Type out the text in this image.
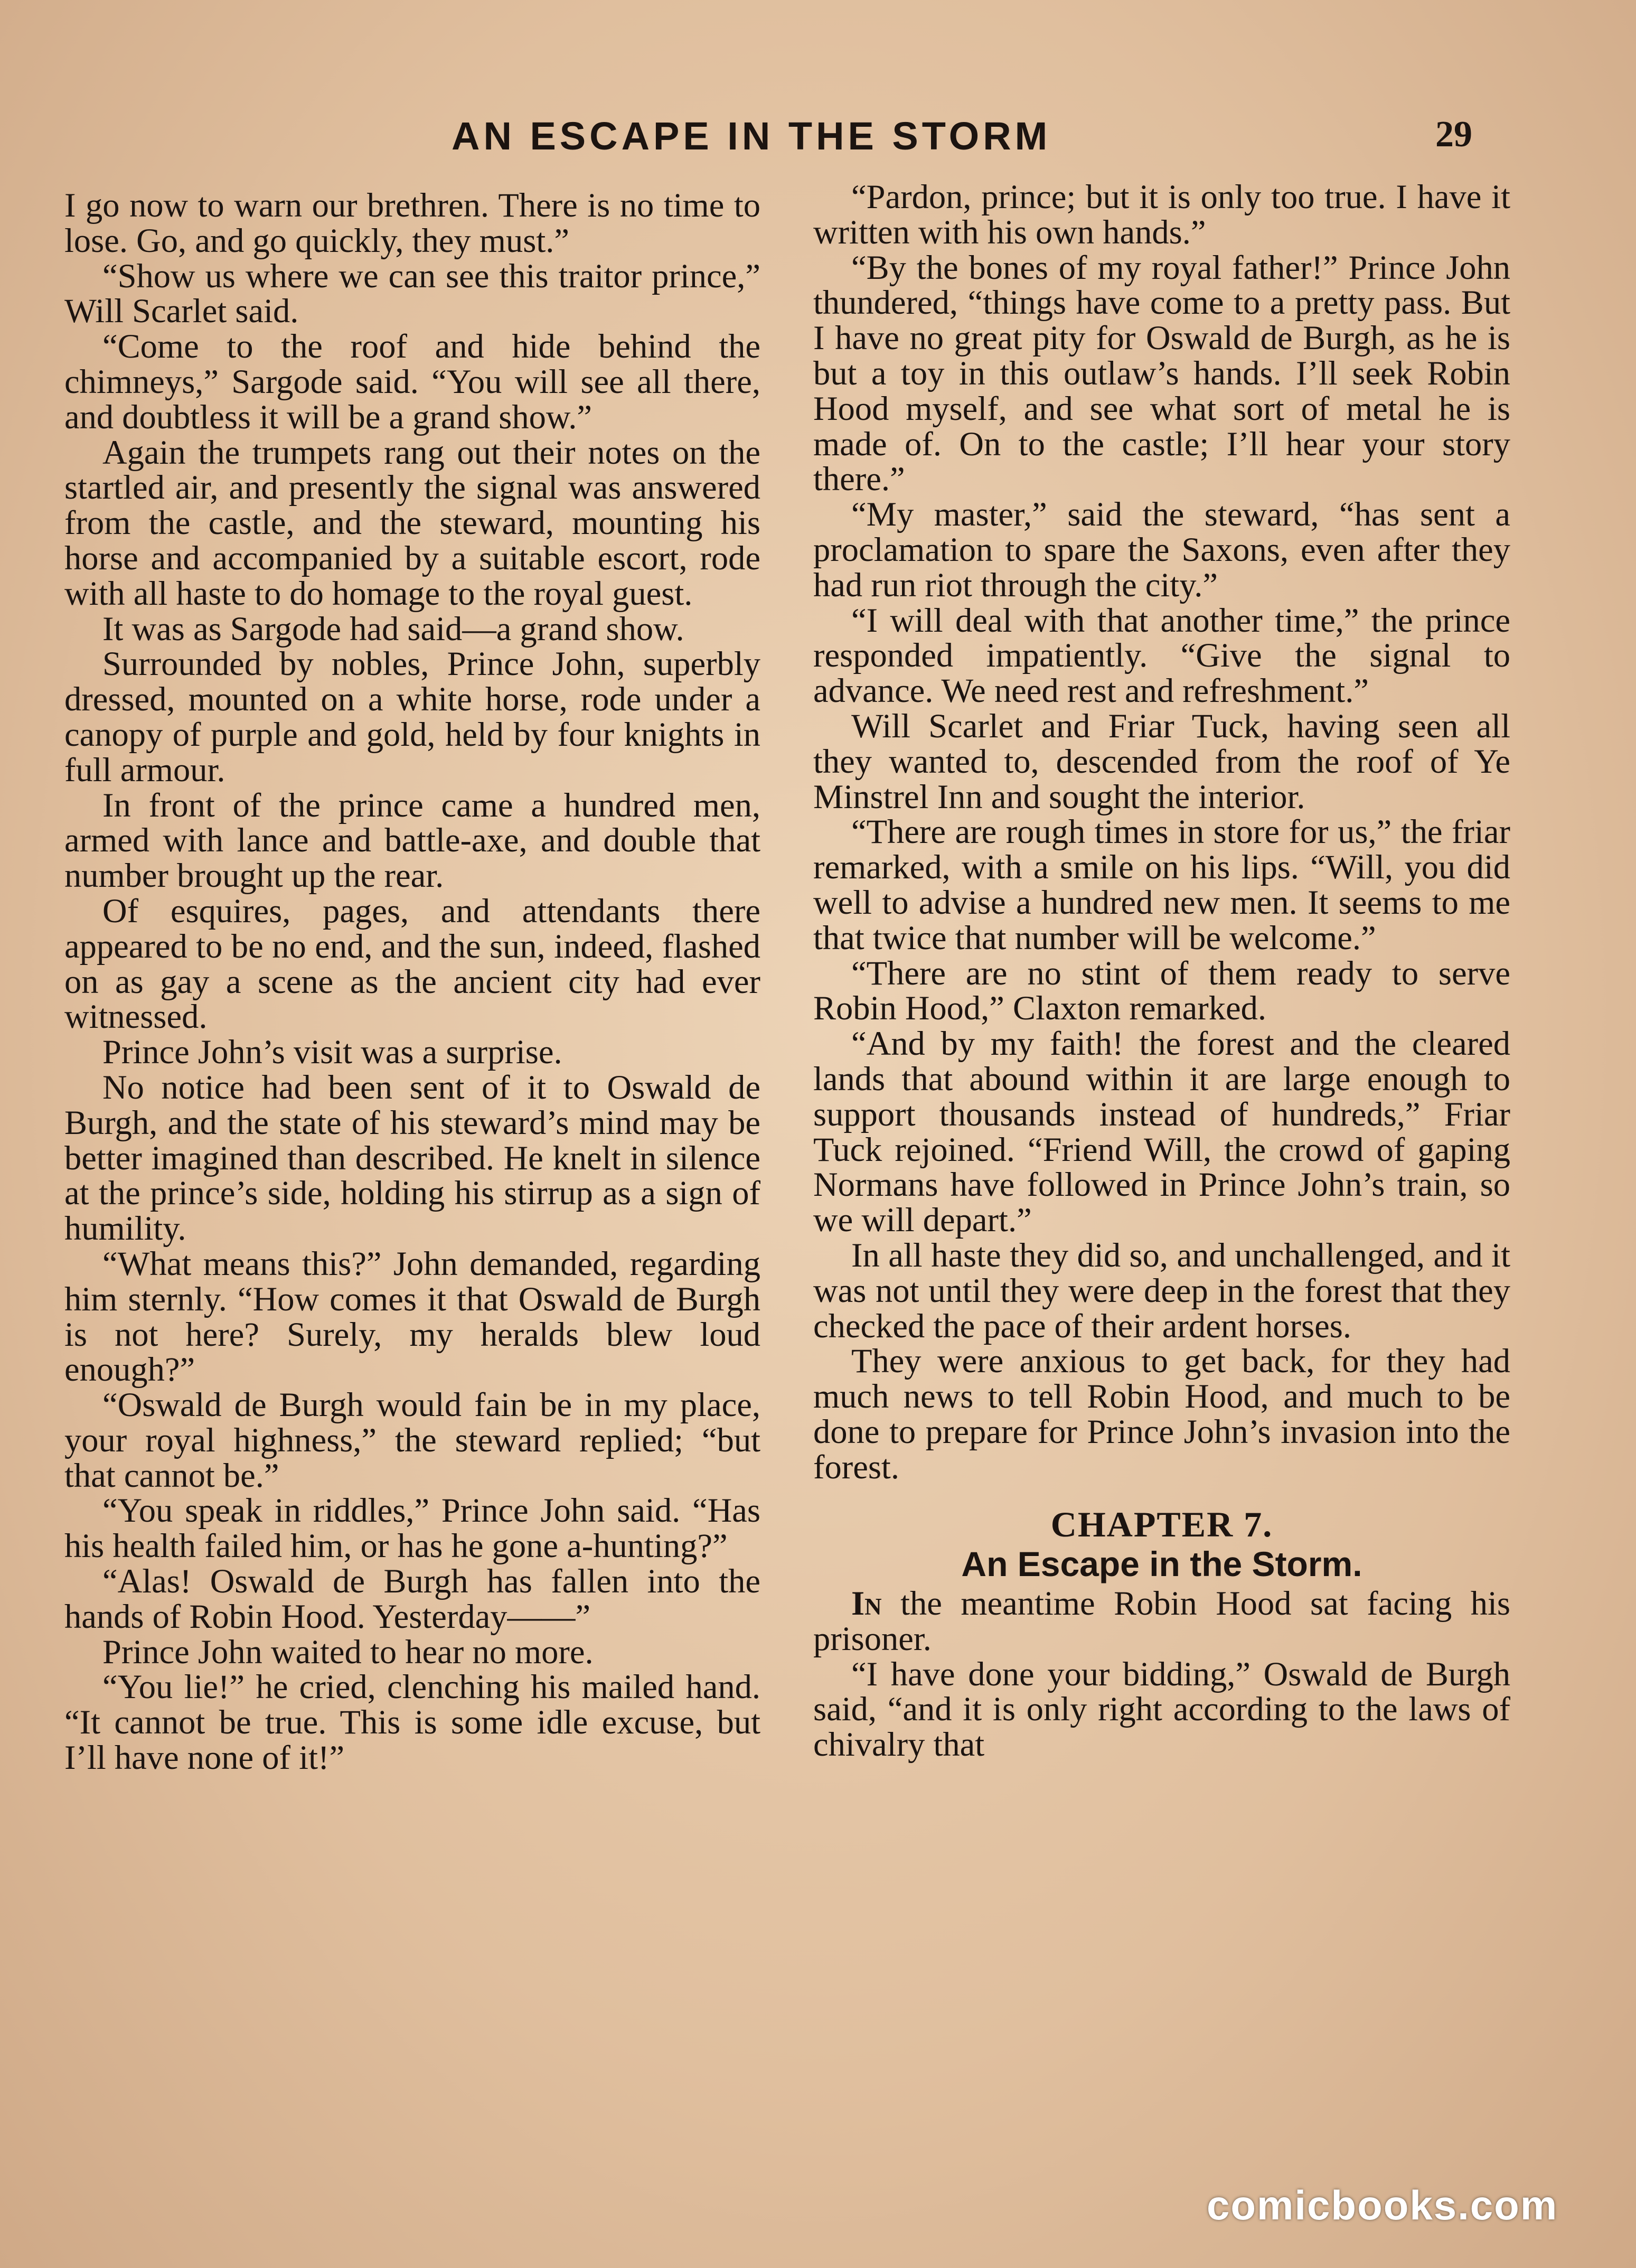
AN ESCAPE IN THE STORM	29

I go now to warn our brethren. There is no time to lose. Go, and go quickly, they must.”

“Show us where we can see this traitor prince,” Will Scarlet said.

“Come to the roof and hide behind the chimneys,” Sargode said. “You will see all there, and doubtless it will be a grand show.”

Again the trumpets rang out their notes on the startled air, and presently the signal was answered from the castle, and the steward, mounting his horse and accompanied by a suitable escort, rode with all haste to do homage to the royal guest.

It was as Sargode had said—a grand show.

Surrounded by nobles, Prince John, superbly dressed, mounted on a white horse, rode under a canopy of purple and gold, held by four knights in full armour.

In front of the prince came a hundred men, armed with lance and battle-axe, and double that number brought up the rear.

Of esquires, pages, and attendants there appeared to be no end, and the sun, indeed, flashed on as gay a scene as the ancient city had ever witnessed.

Prince John’s visit was a surprise.

No notice had been sent of it to Oswald de Burgh, and the state of his steward’s mind may be better imagined than described. He knelt in silence at the prince’s side, holding his stirrup as a sign of humility.

“What means this?” John demanded, regarding him sternly. “How comes it that Oswald de Burgh is not here? Surely, my heralds blew loud enough?”

“Oswald de Burgh would fain be in my place, your royal highness,” the steward replied; “but that cannot be.”

“You speak in riddles,” Prince John said. “Has his health failed him, or has he gone a-hunting?”

“Alas! Oswald de Burgh has fallen into the hands of Robin Hood. Yesterday——”

Prince John waited to hear no more.

“You lie!” he cried, clenching his mailed hand. “It cannot be true. This is some idle excuse, but I’ll have none of it!”

“Pardon, prince; but it is only too true. I have it written with his own hands.”

“By the bones of my royal father!” Prince John thundered, “things have come to a pretty pass. But I have no great pity for Oswald de Burgh, as he is but a toy in this outlaw’s hands. I’ll seek Robin Hood myself, and see what sort of metal he is made of. On to the castle; I’ll hear your story there.”

“My master,” said the steward, “has sent a proclamation to spare the Saxons, even after they had run riot through the city.”

“I will deal with that another time,” the prince responded impatiently. “Give the signal to advance. We need rest and refreshment.”

Will Scarlet and Friar Tuck, having seen all they wanted to, descended from the roof of Ye Minstrel Inn and sought the interior.

“There are rough times in store for us,” the friar remarked, with a smile on his lips. “Will, you did well to advise a hundred new men. It seems to me that twice that number will be welcome.”

“There are no stint of them ready to serve Robin Hood,” Claxton remarked.

“And by my faith! the forest and the cleared lands that abound within it are large enough to support thousands instead of hundreds,” Friar Tuck rejoined. “Friend Will, the crowd of gaping Normans have followed in Prince John’s train, so we will depart.”

In all haste they did so, and unchallenged, and it was not until they were deep in the forest that they checked the pace of their ardent horses.

They were anxious to get back, for they had much news to tell Robin Hood, and much to be done to prepare for Prince John’s invasion into the forest.

CHAPTER 7.
An Escape in the Storm.

In the meantime Robin Hood sat facing his prisoner.

“I have done your bidding,” Oswald de Burgh said, “and it is only right according to the laws of chivalry that

comicbooks.com
